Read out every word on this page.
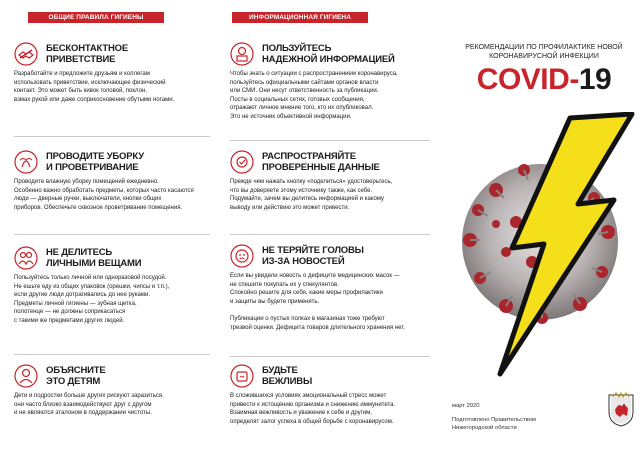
ОБЩИЕ ПРАВИЛА ГИГИЕНЫ
БЕСКОНТАКТНОЕ
ПРИВЕТСТВИЕ
Разработайте и предложите друзьям и коллегам
использовать приветствие, исключающее физический
контакт. Это может быть кивок головой, поклон,
взмах рукой или даже соприкосновение обутыми ногами.
ПРОВОДИТЕ УБОРКУ
И ПРОВЕТРИВАНИЕ
Проводите влажную уборку помещений ежедневно.
Особенно важно обработать предметы, которых часто касаются
люди — дверные ручки, выключатели, кнопки общих
приборов. Обеспечьте сквозное проветривание помещения.
НЕ ДЕЛИТЕСЬ
ЛИЧНЫМИ ВЕЩАМИ
Пользуйтесь только личной или одноразовой посудой.
Не ешьте еду из общих упаковок (орешки, чипсы и т.п.),
если другие люди дотрагивались до нее руками.
Предметы личной гигиены — зубная щетка,
полотенце — не должны соприкасаться
с такими же предметами других людей.
ОБЪЯСНИТЕ
ЭТО ДЕТЯМ
Дети и подростки больше других рискуют заразиться,
они часто близко взаимодействуют друг с другом
и не являются эталоном в поддержании чистоты.
ИНФОРМАЦИОННАЯ ГИГИЕНА
ПОЛЬЗУЙТЕСЬ
НАДЕЖНОЙ ИНФОРМАЦИЕЙ
Чтобы знать о ситуации с распространением коронавируса,
пользуйтесь официальными сайтами органов власти
или СМИ. Они несут ответственность за публикации.
Посты в социальных сетях, готовых сообщения,
отражают личное мнение того, кто их опубликовал.
Это не источник объективной информации.
РАСПРОСТРАНЯЙТЕ
ПРОВЕРЕННЫЕ ДАННЫЕ
Прежде чем нажать кнопку «поделиться» удостоверьтесь,
что вы доверяете этому источнику также, как себе.
Подумайте, зачем вы делитесь информацией и какому
выводу или действию это может привести.
НЕ ТЕРЯЙТЕ ГОЛОВЫ
ИЗ-ЗА НОВОСТЕЙ
Если вы увидели новость о дефиците медицинских масок —
не спешите покупать их у спекулянтов.
Спокойно решите для себя, какие меры профилактики
и защиты вы будете применять.

Публикации о пустых полках в магазинах тоже требуют
трезвой оценки. Дефицита товаров длительного хранения нет.
БУДЬТЕ
ВЕЖЛИВЫ
В сложившихся условиях эмоциональный стресс может
привести к истощению организма и снижению иммунитета.
Взаимная вежливость и уважение к себе и другим,
определят залог успеха в общей борьбе с коронавирусом.
РЕКОМЕНДАЦИИ ПО ПРОФИЛАКТИКЕ НОВОЙ
КОРОНАВИРУСНОЙ ИНФЕКЦИИ
COVID-19
март 2020
Подготовлено Правительством
Нижегородской области
